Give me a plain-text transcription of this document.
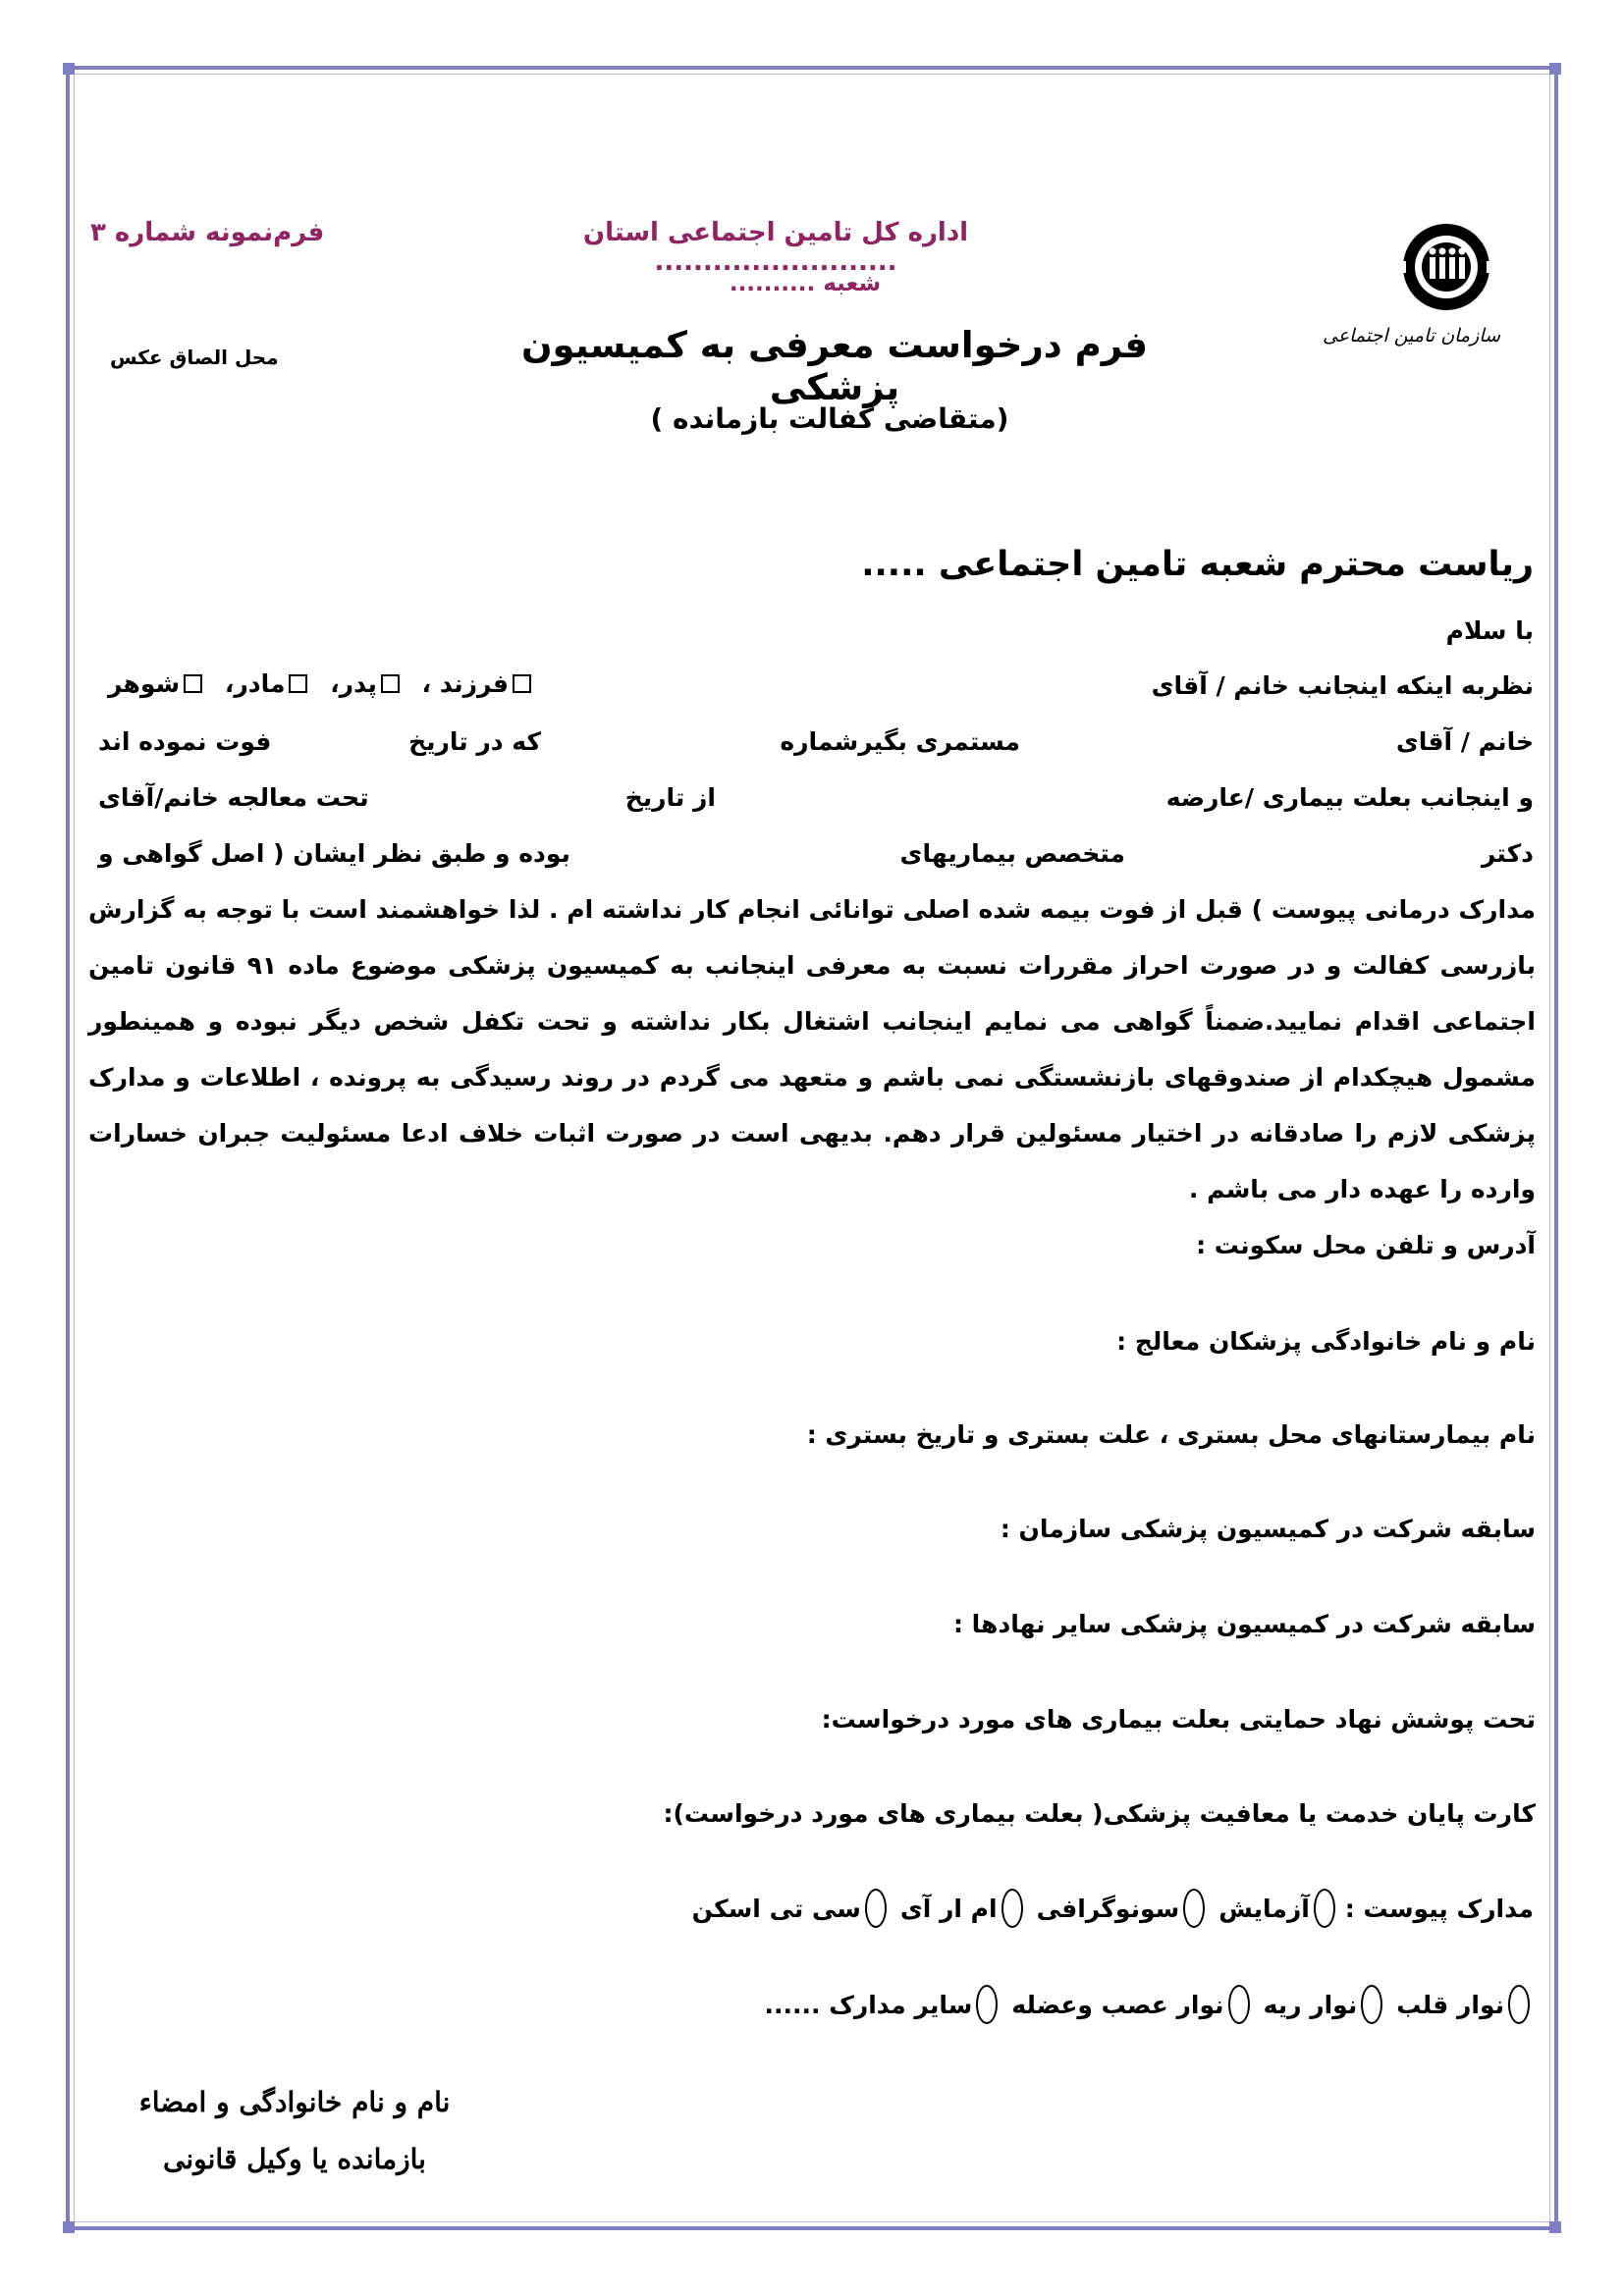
سازمان تامین اجتماعی
فرم‌نمونه شماره ۳	اداره کل تامین اجتماعی استان .........................
شعبه ..........
محل الصاق عکس	فرم درخواست معرفی به کمیسیون پزشکی
(متقاضی کفالت بازمانده )
ریاست محترم شعبه تامین اجتماعی .....
با سلام
نظربه اینکه اینجانب خانم / آقای
فرزند ،

پدر،

مادر،

شوهر
خانم / آقای
مستمری بگیرشماره
که در تاریخ
فوت نموده اند
و اینجانب بعلت بیماری /عارضه
از تاریخ
تحت معالجه خانم/آقای
دکتر
متخصص بیماریهای
بوده و طبق نظر ایشان ( اصل گواهی و
مدارک درمانی پیوست ) قبل از فوت بیمه شده اصلی توانائی انجام کار نداشته ام . لذا خواهشمند است با توجه به گزارش
بازرسی کفالت و در صورت احراز مقررات نسبت به معرفی اینجانب به کمیسیون پزشکی موضوع ماده ۹۱ قانون تامین
اجتماعی اقدام نمایید.ضمناً گواهی می نمایم اینجانب اشتغال بکار نداشته و تحت تکفل شخص دیگر نبوده و همینطور
مشمول هیچکدام از صندوقهای بازنشستگی نمی باشم و متعهد می گردم در روند رسیدگی به پرونده ، اطلاعات و مدارک
پزشکی لازم را صادقانه در اختیار مسئولین قرار دهم. بدیهی است در صورت اثبات خلاف ادعا مسئولیت جبران خسارات
وارده را عهده دار می باشم .
آدرس و تلفن محل سکونت :
نام و نام خانوادگی پزشکان معالج :
نام بیمارستانهای محل بستری ، علت بستری و تاریخ بستری :
سابقه شرکت در کمیسیون پزشکی سازمان :
سابقه شرکت در کمیسیون پزشکی سایر نهادها :
تحت پوشش نهاد حمایتی بعلت بیماری های مورد درخواست:
کارت پایان خدمت یا معافیت پزشکی( بعلت بیماری های مورد درخواست):
مدارک پیوست :
آزمایش
سونوگرافی
ام ار آی
سی تی اسکن
نوار قلب
نوار ریه
نوار عصب وعضله
سایر مدارک ......
نام و نام خانوادگی و امضاء
بازمانده یا وکیل قانونی
